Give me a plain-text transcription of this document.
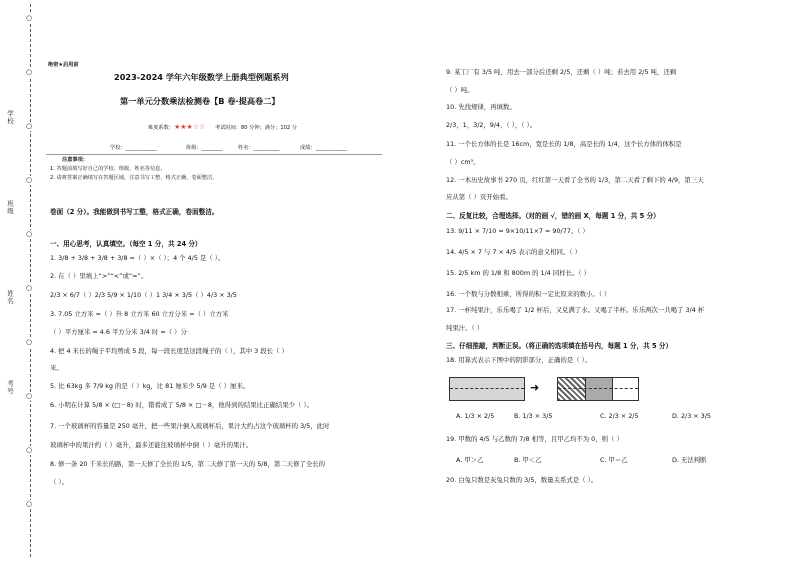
○
○
○
○
○
○
○
○
○
○
学校
班级
姓名
考号
绝密★启用前
2023-2024 学年六年级数学上册典型例题系列
第一单元分数乘法检测卷【B 卷·提高卷二】
难度系数：★★★☆☆ 考试时间：80 分钟；满分：102 分
学校：____________	班级：________	姓名：__________	成绩：____________
注意事项：
1. 答题前填写好自己的学校、班级、姓名等信息。
2. 请将答案正确填写在答题区域，注意书写工整，格式正确，卷面整洁。
卷面（2 分）。我能做到书写工整，格式正确，卷面整洁。
一、用心思考，认真填空。（每空 1 分，共 24 分）
1. 3/8 + 3/8 + 3/8 + 3/8 =（ ）×（ ）；4 个 4/5 是（ ）。
2. 在（ ）里填上“>”“<”或“=”。
2/3 × 6/7（ ）2/3 5/9 × 1/10（ ）1 3/4 × 3/5（ ）4/3 × 3/5
3. 7.05 立方米 =（ ）升 8 立方米 60 立方分米 =（ ）立方米
（ ）平方厘米 = 4.6 平方分米 3/4 时 =（ ）分
4. 把 4 米长的绳子平均剪成 5 段，每一段长度是这段绳子的（ ），其中 3 段长（ ）
米。
5. 比 63kg 多 7/9 kg 的是（ ）kg，比 81 厘米少 5/9 是（ ）厘米。
6. 小明在计算 5/8 × (□－8) 时，错看成了 5/8 × □－8，他得到的结果比正确结果少（ ）。
7. 一个玻璃杯的容量是 250 毫升，把一些果汁倒入玻璃杯后，果汁大约占这个玻璃杯的 3/5，此时
玻璃杯中的果汁约（ ）毫升，最多还能往玻璃杯中倒（ ）毫升的果汁。
8. 修一条 20 千米长的路，第一天修了全长的 1/5，第二天修了第一天的 5/8，第二天修了全长的
（ ）。
9. 某工厂有 3/5 吨，用去一部分后还剩 2/5，还剩（ ）吨；若去用 2/5 吨，还剩
（ ）吨。
10. 先找规律，再填数。
2/3，1，3/2，9/4，（ ），（ ）。
11. 一个长方体的长是 16cm，宽是长的 1/8，高是长的 1/4，这个长方体的体积是
（ ）cm³。
12. 一本历史故事书 270 页，红红第一天看了全书的 1/3，第二天看了剩下的 4/9，第三天
应从第（ ）页开始看。
二、反复比较，合理选择。（对的画 √，错的画 X，每题 1 分，共 5 分）
13. 9/11 × 7/10 = 9×10/11×7 = 90/77。（ ）
14. 4/5 × 7 与 7 × 4/5 表示的意义相同。（ ）
15. 2/5 km 的 1/8 和 800m 的 1/4 同样长。（ ）
16. 一个数与分数相乘，所得的积一定比原来的数小。（ ）
17. 一杯纯果汁，乐乐喝了 1/2 杯后，又兑满了水。又喝了半杯。乐乐两次一共喝了 3/4 杯
纯果汁。（ ）
三、仔细推敲，判断正误。（将正确的选项填在括号内，每题 1 分，共 5 分）
18. 用算式表示下图中的阴影部分，正确的是（ ）。
➜
A. 1/3 × 2/5	B. 1/3 × 3/5	C. 2/3 × 2/5	D. 2/3 × 3/5
19. 甲数的 4/5 与乙数的 7/8 相等，且甲乙均不为 0，则（ ）
A. 甲＞乙	B. 甲＜乙	C. 甲＝乙	D. 无法判断
20. 白兔只数是灰兔只数的 3/5，数量关系式是（ ）。
